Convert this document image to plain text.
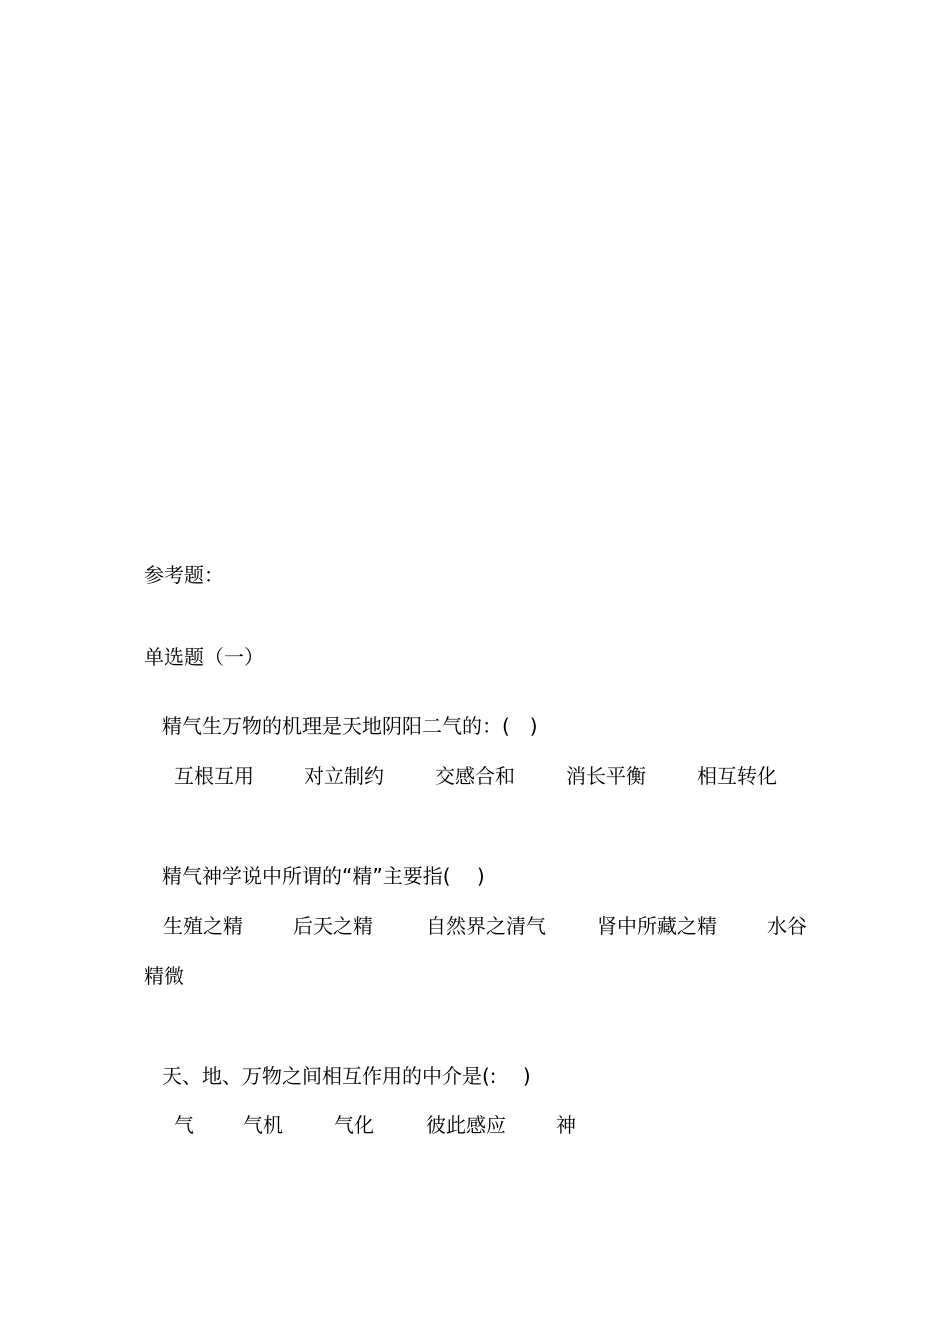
参考题：
单选题（一）
精气生万物的机理是天地阴阳二气的：(　)
互根互用	对立制约	交感合和	消长平衡	相互转化
精气神学说中所谓的“精”主要指(　 )
生殖之精	后天之精	自然界之清气	肾中所藏之精	水谷
精微
天、地、万物之间相互作用的中介是(:　 )
气 气机	气化	彼此感应	神
